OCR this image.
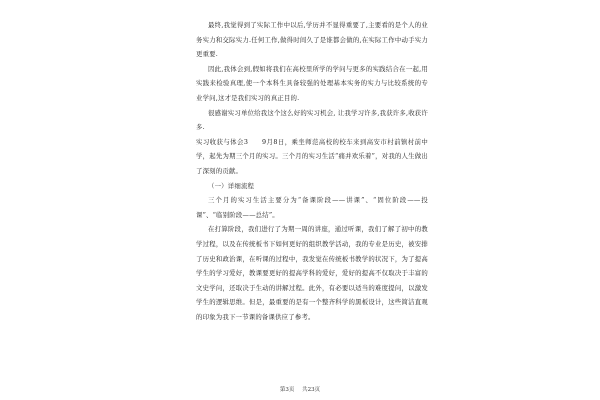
最终,我觉得到了实际工作中以后,学历并不显得重要了,主要看的是个人的业务实力和交际实力.任何工作,做得时间久了是谁都会做的,在实际工作中动手实力更重要.

因此,我体会到,假如将我们在高校里所学的学问与更多的实践结合在一起,用实践来检验真理,使一个本科生具备较强的处理基本实务的实力与比较系统的专业学问,这才是我们实习的真正目的.

很感谢实习单位给我这个这么好的实习机会, 让我学习许多,我获许多,收获许多.

实习收获与体会3　　9月8日，乘坐师范高校的校车来到高安市村前镇村前中学，起先为期三个月的实习。三个月的实习生活“痛并欢乐着”，对我的人生做出了深刻的贡献。

（一）详细流程

三个月的实习生活主要分为“备课阶段——讲课”、“固位阶段——投课”、“临别阶段——总结”。

在打算阶段，我们进行了为期一周的讲座，通过听课，我们了解了初中的教学过程，以及在传统板书下如何更好的组织教学活动，我的专业是历史，被安排了历史和政治课，在听课的过程中，我发觉在传统板书教学的状况下，为了提高学生的学习爱好，教课要更好的提高学科的爱好，爱好的提高不仅取决于丰富的文史学问，还取决于生动的讲解过程。此外，有必要以适当的难度提问，以激发学生的逻辑思维。但是，最重要的是有一个整齐科学的黑板设计，这些简洁直观的印象为我下一节课的备课供应了参考。

第3页 共23页
